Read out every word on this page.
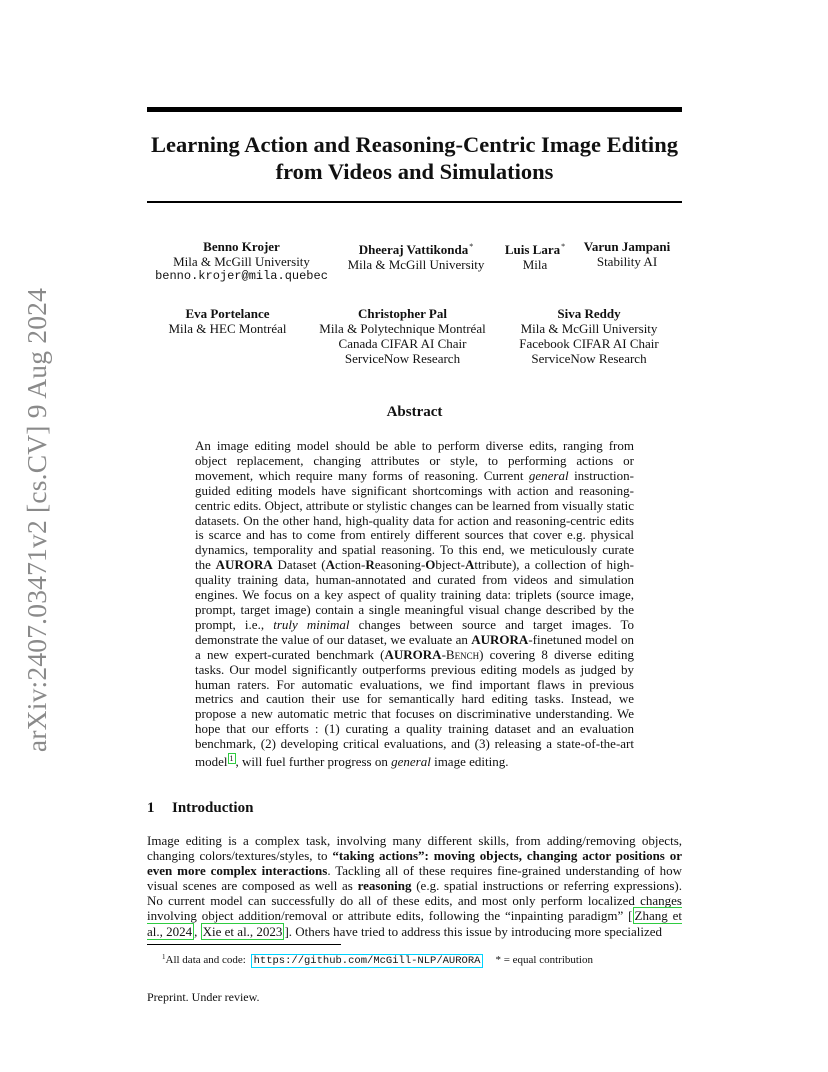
arXiv:2407.03471v2 [cs.CV] 9 Aug 2024
Learning Action and Reasoning-Centric Image Editing
from Videos and Simulations
Benno Krojer
Mila & McGill University
benno.krojer@mila.quebec
Dheeraj Vattikonda*
Mila & McGill University
Luis Lara*
Mila
Varun Jampani
Stability AI
Eva Portelance
Mila & HEC Montréal
Christopher Pal
Mila & Polytechnique Montréal
Canada CIFAR AI Chair
ServiceNow Research
Siva Reddy
Mila & McGill University
Facebook CIFAR AI Chair
ServiceNow Research
Abstract

An image editing model should be able to perform diverse edits, ranging from object replacement, changing attributes or style, to performing actions or movement, which require many forms of reasoning. Current general instruction-guided editing models have significant shortcomings with action and reasoning-centric edits. Object, attribute or stylistic changes can be learned from visually static datasets. On the other hand, high-quality data for action and reasoning-centric edits is scarce and has to come from entirely different sources that cover e.g. physical dynamics, temporality and spatial reasoning. To this end, we meticulously curate the AURORA Dataset (Action-Reasoning-Object-Attribute), a collection of high-quality training data, human-annotated and curated from videos and simulation engines. We focus on a key aspect of quality training data: triplets (source image, prompt, target image) contain a single meaningful visual change described by the prompt, i.e., truly minimal changes between source and target images. To demonstrate the value of our dataset, we evaluate an AURORA-finetuned model on a new expert-curated benchmark (AURORA-Bench) covering 8 diverse editing tasks. Our model significantly outperforms previous editing models as judged by human raters. For automatic evaluations, we find important flaws in previous metrics and caution their use for semantically hard editing tasks. Instead, we propose a new automatic metric that focuses on discriminative understanding. We hope that our efforts : (1) curating a quality training dataset and an evaluation benchmark, (2) developing critical evaluations, and (3) releasing a state-of-the-art model $^1$ , will fuel further progress on general image editing.

1 Introduction

Image editing is a complex task, involving many different skills, from adding/removing objects, changing colors/textures/styles, to “taking actions”: moving objects, changing actor positions or even more complex interactions. Tackling all of these requires fine-grained understanding of how visual scenes are composed as well as reasoning (e.g. spatial instructions or referring expressions). No current model can successfully do all of these edits, and most only perform localized changes involving object addition/removal or attribute edits, following the “inpainting paradigm” [ Zhang et al., 2024 , Xie et al., 2023 ]. Others have tried to address this issue by introducing more specialized

$^1$All data and code: https://github.com/McGill-NLP/AURORA * = equal contribution
Preprint. Under review.
